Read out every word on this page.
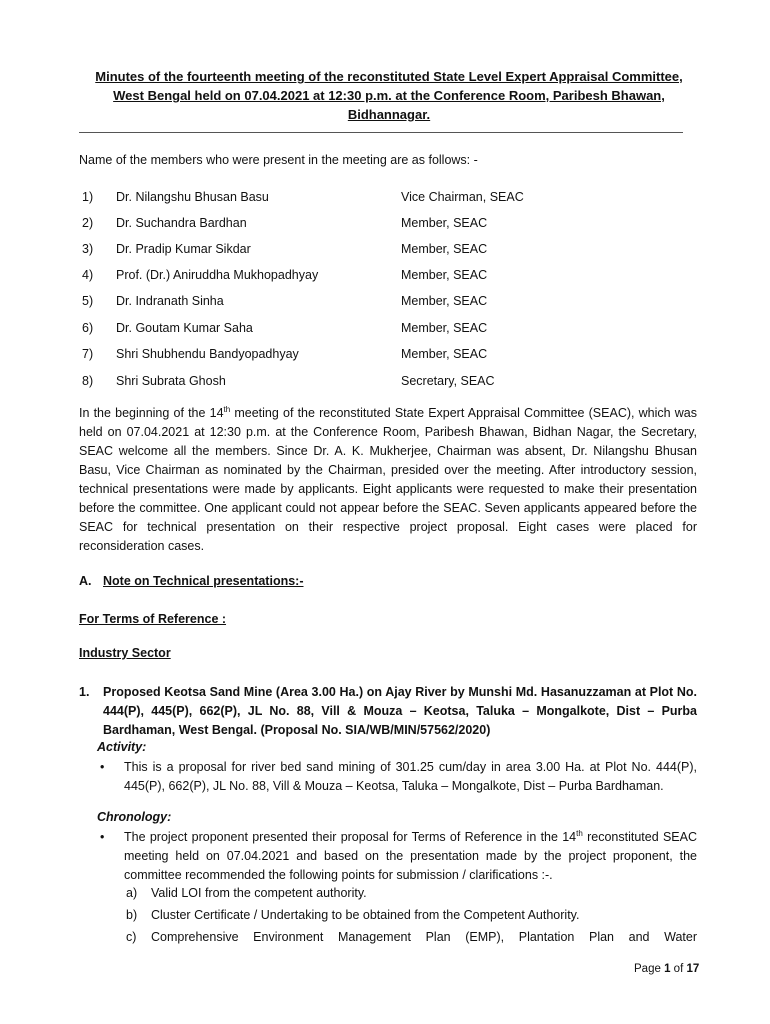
Minutes of the fourteenth meeting of the reconstituted State Level Expert Appraisal Committee, West Bengal held on 07.04.2021 at 12:30 p.m. at the Conference Room, Paribesh Bhawan, Bidhannagar.
Name of the members who were present in the meeting are as follows: -
1) Dr. Nilangshu Bhusan Basu	Vice Chairman, SEAC
2) Dr. Suchandra Bardhan	Member, SEAC
3) Dr. Pradip Kumar Sikdar	Member, SEAC
4) Prof. (Dr.) Aniruddha Mukhopadhyay	Member, SEAC
5) Dr. Indranath Sinha	Member, SEAC
6) Dr. Goutam Kumar Saha	Member, SEAC
7) Shri Shubhendu Bandyopadhyay	Member, SEAC
8) Shri Subrata Ghosh	Secretary, SEAC

In the beginning of the 14th meeting of the reconstituted State Expert Appraisal Committee (SEAC), which was held on 07.04.2021 at 12:30 p.m. at the Conference Room, Paribesh Bhawan, Bidhan Nagar, the Secretary, SEAC welcome all the members. Since Dr. A. K. Mukherjee, Chairman was absent, Dr. Nilangshu Bhusan Basu, Vice Chairman as nominated by the Chairman, presided over the meeting. After introductory session, technical presentations were made by applicants. Eight applicants were requested to make their presentation before the committee. One applicant could not appear before the SEAC. Seven applicants appeared before the SEAC for technical presentation on their respective project proposal. Eight cases were placed for reconsideration cases.

A. Note on Technical presentations:-
For Terms of Reference :
Industry Sector
1. Proposed Keotsa Sand Mine (Area 3.00 Ha.) on Ajay River by Munshi Md. Hasanuzzaman at Plot No. 444(P), 445(P), 662(P), JL No. 88, Vill & Mouza – Keotsa, Taluka – Mongalkote, Dist – Purba Bardhaman, West Bengal. (Proposal No. SIA/WB/MIN/57562/2020)
Activity:
• This is a proposal for river bed sand mining of 301.25 cum/day in area 3.00 Ha. at Plot No. 444(P), 445(P), 662(P), JL No. 88, Vill & Mouza – Keotsa, Taluka – Mongalkote, Dist – Purba Bardhaman.
Chronology:
• The project proponent presented their proposal for Terms of Reference in the 14th reconstituted SEAC meeting held on 07.04.2021 and based on the presentation made by the project proponent, the committee recommended the following points for submission / clarifications :-.
a) Valid LOI from the competent authority.
b) Cluster Certificate / Undertaking to be obtained from the Competent Authority.
c) Comprehensive Environment Management Plan (EMP), Plantation Plan and Water
Page 1 of 17
